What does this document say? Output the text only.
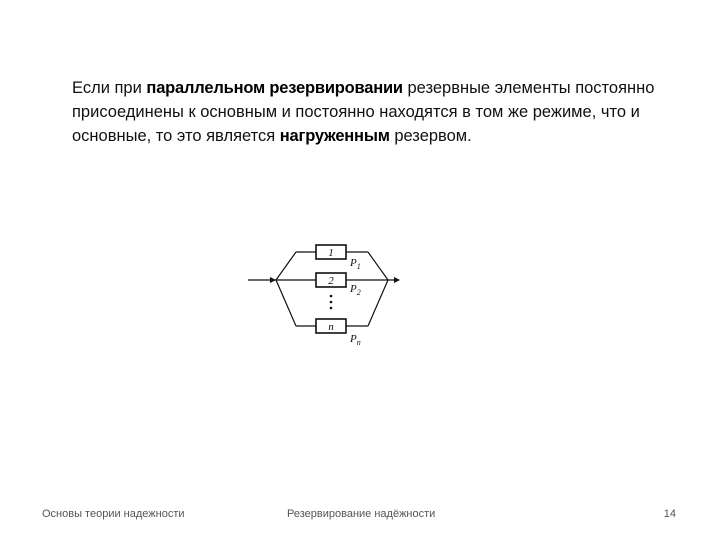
Если при параллельном резервировании резервные элементы постоянно присоединены к основным и постоянно находятся в том же режиме, что и основные, то это является нагруженным резервом.
1
2
n
$P_1$
$P_2$
$P_n$
Основы теории надежности	Резервирование надёжности	14
